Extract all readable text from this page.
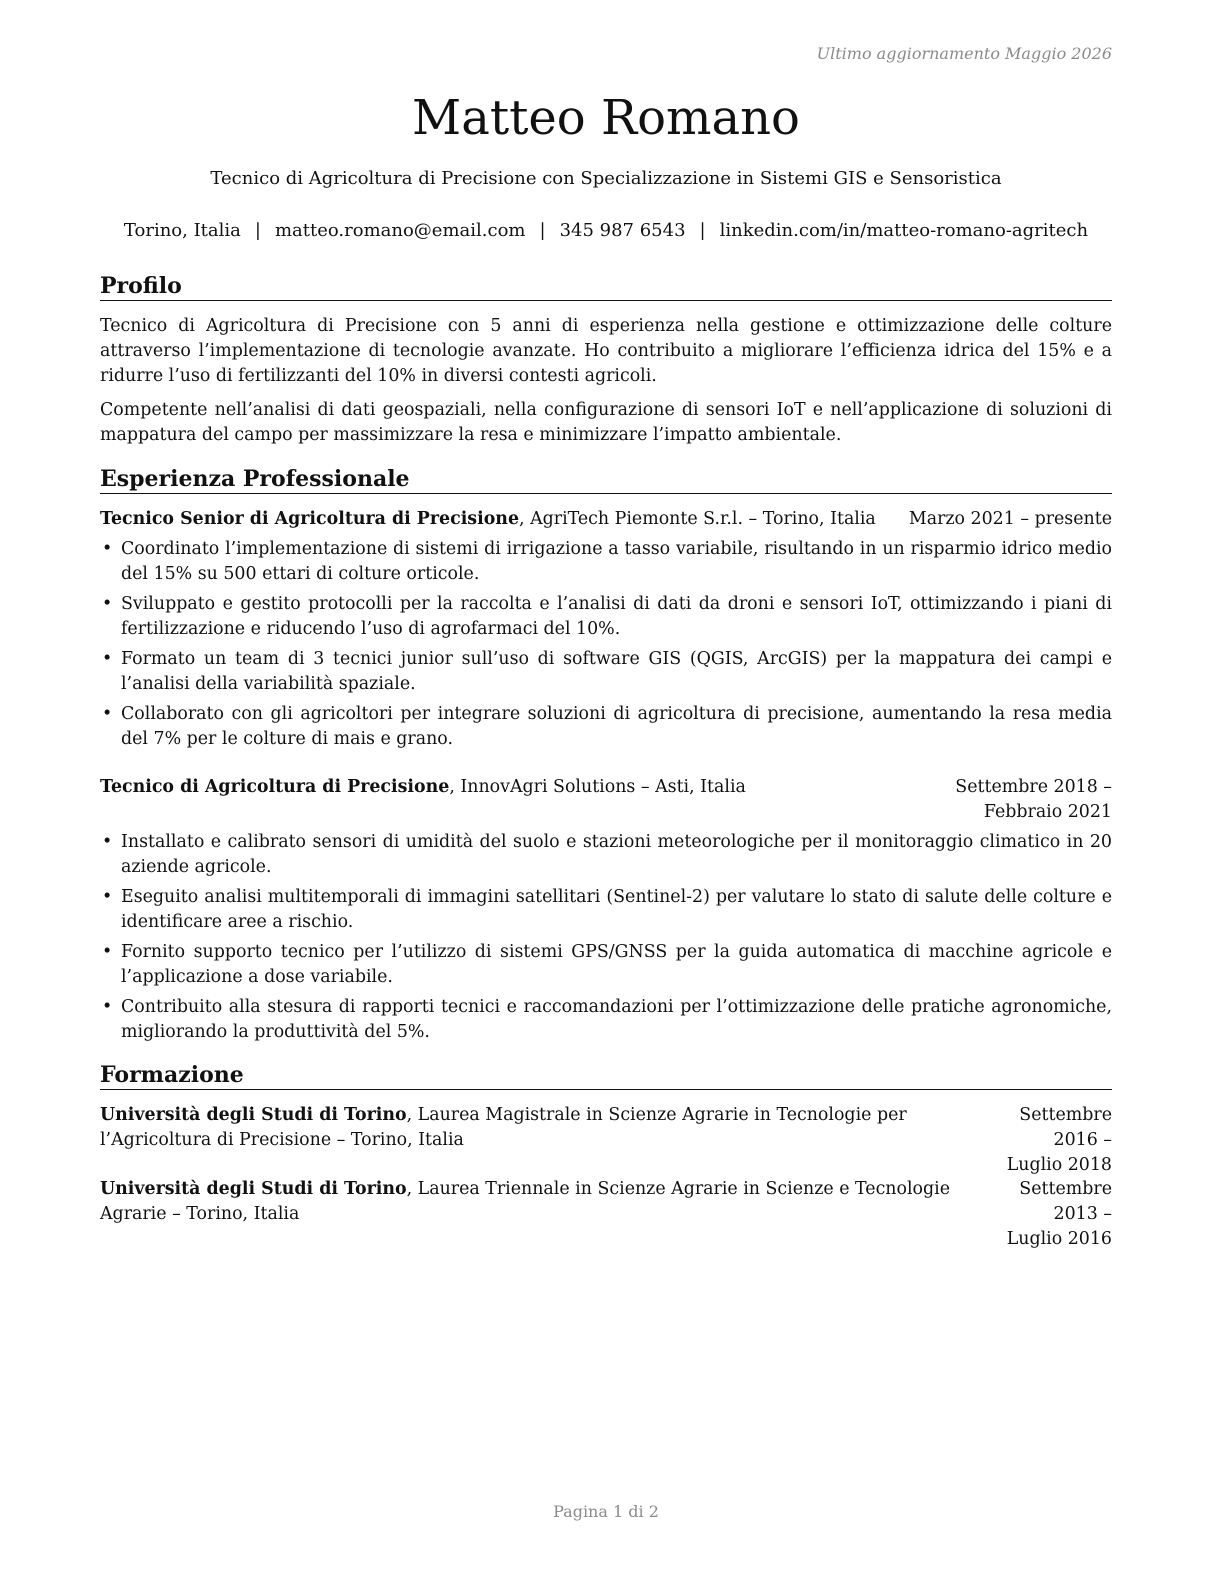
Ultimo aggiornamento Maggio 2026
Matteo Romano
Tecnico di Agricoltura di Precisione con Specializzazione in Sistemi GIS e Sensoristica
Torino, Italia | matteo.romano@email.com | 345 987 6543 | linkedin.com/in/matteo-romano-agritech
Profilo

Tecnico di Agricoltura di Precisione con 5 anni di esperienza nella gestione e ottimizzazione delle colture attraverso l’implementazione di tecnologie avanzate. Ho contribuito a migliorare l’efficienza idrica del 15% e a ridurre l’uso di fertilizzanti del 10% in diversi contesti agricoli.

Competente nell’analisi di dati geospaziali, nella configurazione di sensori IoT e nell’applicazione di soluzioni di mappatura del campo per massimizzare la resa e minimizzare l’impatto ambientale.

Esperienza Professionale
Tecnico Senior di Agricoltura di Precisione, AgriTech Piemonte S.r.l. – Torino, Italia	Marzo 2021 – presente
• Coordinato l’implementazione di sistemi di irrigazione a tasso variabile, risultando in un risparmio idrico medio del 15% su 500 ettari di colture orticole.
• Sviluppato e gestito protocolli per la raccolta e l’analisi di dati da droni e sensori IoT, ottimizzando i piani di fertilizzazione e riducendo l’uso di agrofarmaci del 10%.
• Formato un team di 3 tecnici junior sull’uso di software GIS (QGIS, ArcGIS) per la mappatura dei campi e l’analisi della variabilità spaziale.
• Collaborato con gli agricoltori per integrare soluzioni di agricoltura di precisione, aumentando la resa media del 7% per le colture di mais e grano.
Tecnico di Agricoltura di Precisione, InnovAgri Solutions – Asti, Italia	Settembre 2018 – Febbraio 2021
• Installato e calibrato sensori di umidità del suolo e stazioni meteorologiche per il monitoraggio climatico in 20 aziende agricole.
• Eseguito analisi multitemporali di immagini satellitari (Sentinel-2) per valutare lo stato di salute delle colture e identificare aree a rischio.
• Fornito supporto tecnico per l’utilizzo di sistemi GPS/GNSS per la guida automatica di macchine agricole e l’applicazione a dose variabile.
• Contribuito alla stesura di rapporti tecnici e raccomandazioni per l’ottimizzazione delle pratiche agronomiche, migliorando la produttività del 5%.
Formazione
Università degli Studi di Torino, Laurea Magistrale in Scienze Agrarie in Tecnologie per l’Agricoltura di Precisione – Torino, Italia
Settembre 2016 – Luglio 2018
Università degli Studi di Torino, Laurea Triennale in Scienze Agrarie in Scienze e Tecnologie Agrarie – Torino, Italia
Settembre 2013 – Luglio 2016
Pagina 1 di 2
